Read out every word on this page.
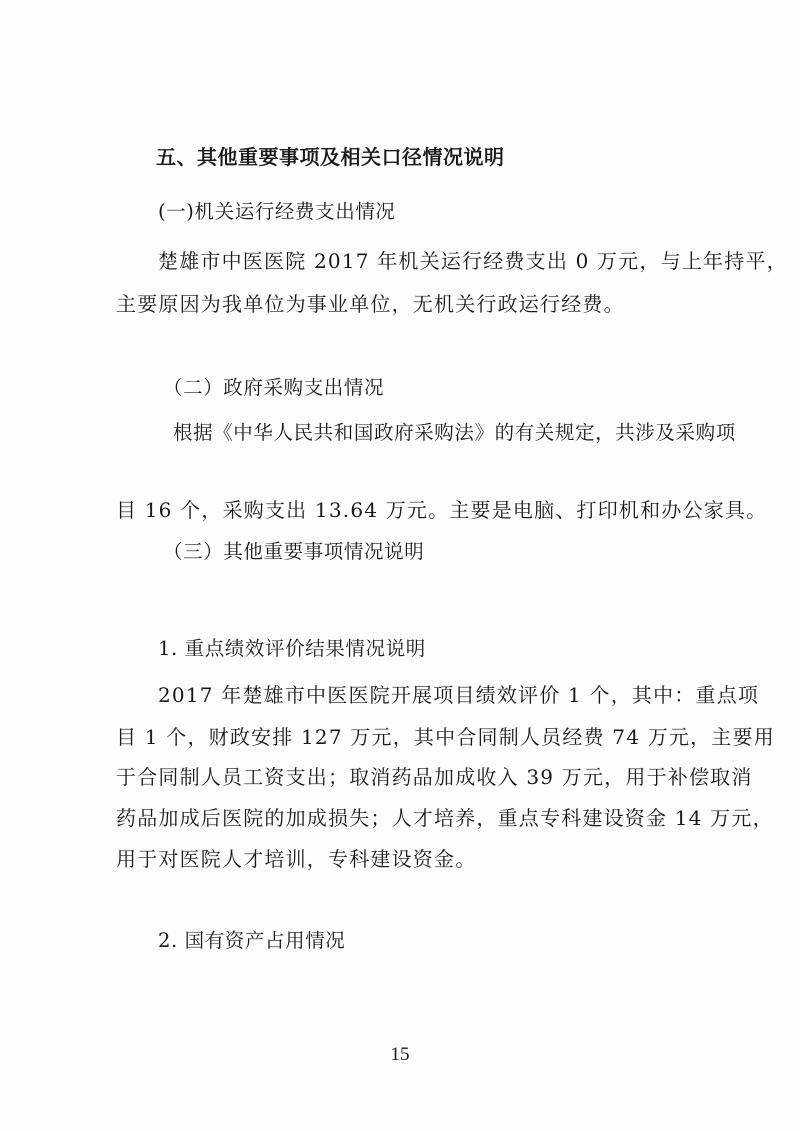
五、其他重要事项及相关口径情况说明
(一)机关运行经费支出情况
楚雄市中医医院 2017 年机关运行经费支出 0 万元，与上年持平，
主要原因为我单位为事业单位，无机关行政运行经费。
（二）政府采购支出情况
根据《中华人民共和国政府采购法》的有关规定，共涉及采购项
目 16 个，采购支出 13.64 万元。主要是电脑、打印机和办公家具。
（三）其他重要事项情况说明
1. 重点绩效评价结果情况说明
2017 年楚雄市中医医院开展项目绩效评价 1 个，其中：重点项
目 1 个，财政安排 127 万元，其中合同制人员经费 74 万元，主要用
于合同制人员工资支出；取消药品加成收入 39 万元，用于补偿取消
药品加成后医院的加成损失；人才培养，重点专科建设资金 14 万元，
用于对医院人才培训，专科建设资金。
2. 国有资产占用情况
15
